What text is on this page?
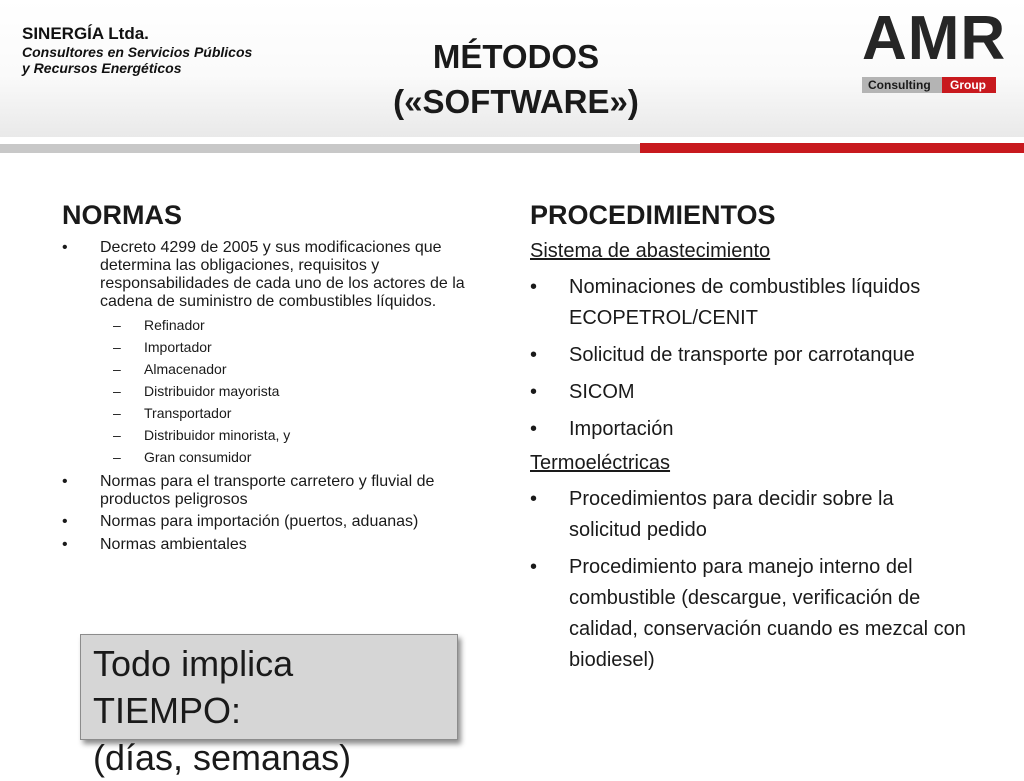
SINERGÍA Ltda.
Consultores en Servicios Públicos
y Recursos Energéticos	MÉTODOS
(«SOFTWARE»)
AMR
Consulting	Group
NORMAS
• Decreto 4299 de 2005 y sus modificaciones que determina las obligaciones, requisitos y responsabilidades de cada uno de los actores de la cadena de suministro de combustibles líquidos.
– Refinador
– Importador
– Almacenador
– Distribuidor mayorista
– Transportador
– Distribuidor minorista, y
– Gran consumidor
• Normas para el transporte carretero y fluvial de productos peligrosos
• Normas para importación (puertos, aduanas)
• Normas ambientales
PROCEDIMIENTOS
Sistema de abastecimiento
• Nominaciones de combustibles líquidos ECOPETROL/CENIT
• Solicitud de transporte por carrotanque
• SICOM
• Importación
Termoeléctricas
• Procedimientos para decidir sobre la solicitud pedido
• Procedimiento para manejo interno del combustible (descargue, verificación de calidad, conservación cuando es mezcal con biodiesel)
Todo implica TIEMPO:
(días, semanas)
